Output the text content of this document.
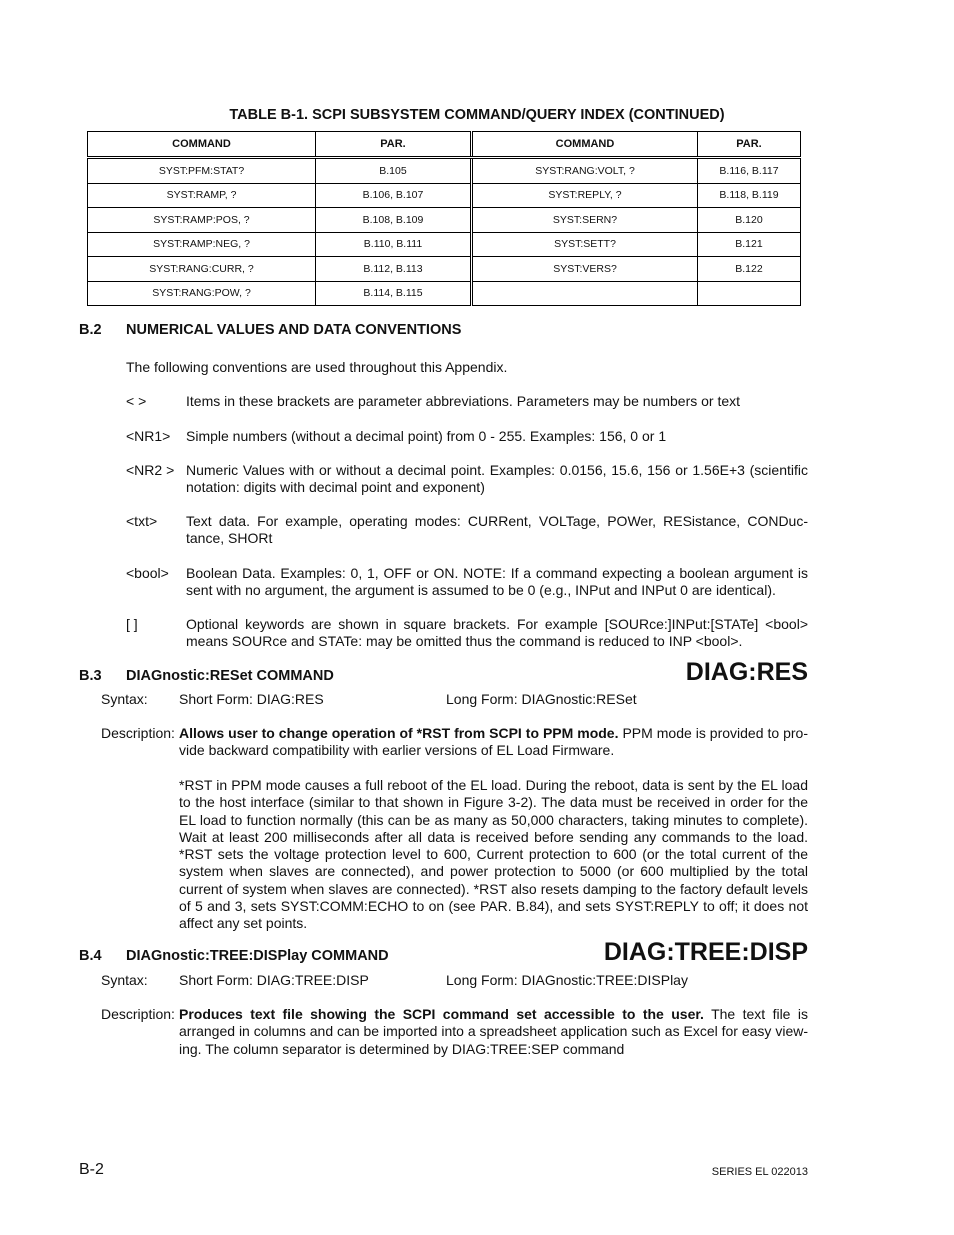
TABLE B-1. SCPI SUBSYSTEM COMMAND/QUERY INDEX (CONTINUED)
COMMAND	PAR.	COMMAND	PAR.
SYST:PFM:STAT?	B.105	SYST:RANG:VOLT, ?	B.116, B.117
SYST:RAMP, ?	B.106, B.107	SYST:REPLY, ?	B.118, B.119
SYST:RAMP:POS, ?	B.108, B.109	SYST:SERN?	B.120
SYST:RAMP:NEG, ?	B.110, B.111	SYST:SETT?	B.121
SYST:RANG:CURR, ?	B.112, B.113	SYST:VERS?	B.122
SYST:RANG:POW, ?	B.114, B.115		
B.2 NUMERICAL VALUES AND DATA CONVENTIONS
The following conventions are used throughout this Appendix.
< >	Items in these brackets are parameter abbreviations. Parameters may be numbers or text
<NR1> Simple numbers (without a decimal point) from 0 - 255. Examples: 156, 0 or 1
<NR2 > Numeric Values with or without a decimal point. Examples: 0.0156, 15.6, 156 or 1.56E+3 (scientific notation: digits with decimal point and exponent)
<txt> Text data. For example, operating modes: CURRent, VOLTage, POWer, RESistance, CONDuc-tance, SHORt
<bool> Boolean Data. Examples: 0, 1, OFF or ON. NOTE: If a command expecting a boolean argument is sent with no argument, the argument is assumed to be 0 (e.g., INPut and INPut 0 are identical).
[ ]	Optional keywords are shown in square brackets. For example [SOURce:]INPut:[STATe] <bool> means SOURce and STATe: may be omitted thus the command is reduced to INP <bool>.
B.3 DIAGnostic:RESet COMMAND	DIAG:RES
Syntax: Short Form: DIAG:RES	Long Form: DIAGnostic:RESet
Description: Allows user to change operation of *RST from SCPI to PPM mode. PPM mode is provided to pro-vide backward compatibility with earlier versions of EL Load Firmware.
*RST in PPM mode causes a full reboot of the EL load. During the reboot, data is sent by the EL load to the host interface (similar to that shown in Figure 3-2). The data must be received in order for the EL load to function normally (this can be as many as 50,000 characters, taking minutes to complete). Wait at least 200 milliseconds after all data is received before sending any commands to the load. *RST sets the voltage protection level to 600, Current protection to 600 (or the total current of the system when slaves are connected), and power protection to 5000 (or 600 multiplied by the total current of system when slaves are connected). *RST also resets damping to the factory default levels of 5 and 3, sets SYST:COMM:ECHO to on (see PAR. B.84), and sets SYST:REPLY to off; it does not affect any set points.
B.4 DIAGnostic:TREE:DISPlay COMMAND	DIAG:TREE:DISP
Syntax: Short Form: DIAG:TREE:DISP	Long Form: DIAGnostic:TREE:DISPlay
Description: Produces text file showing the SCPI command set accessible to the user. The text file is arranged in columns and can be imported into a spreadsheet application such as Excel for easy view-ing. The column separator is determined by DIAG:TREE:SEP command
B-2	SERIES EL 022013
